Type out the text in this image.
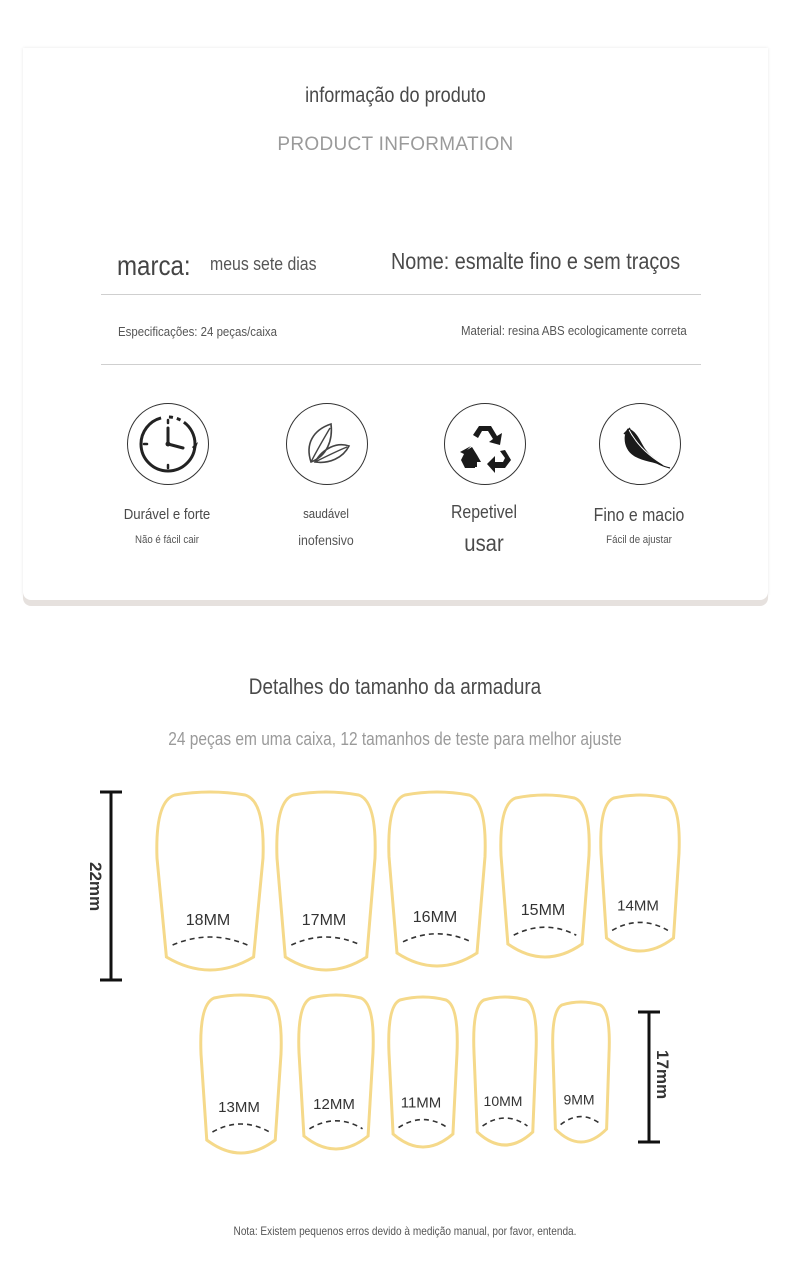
informação do produto
PRODUCT INFORMATION
marca: meus sete dias	Nome: esmalte fino e sem traços
Especificações: 24 peças/caixa	Material: resina ABS ecologicamente correta
Durável e forte
Não é fácil cair
saudável
inofensivo
Repetivel
usar
Fino e macio
Fácil de ajustar
Detalhes do tamanho da armadura
24 peças em uma caixa, 12 tamanhos de teste para melhor ajuste
22mm
17mm
18MM	17MM	16MM	15MM	14MM
13MM	12MM	11MM	10MM	9MM
Nota: Existem pequenos erros devido à medição manual, por favor, entenda.
